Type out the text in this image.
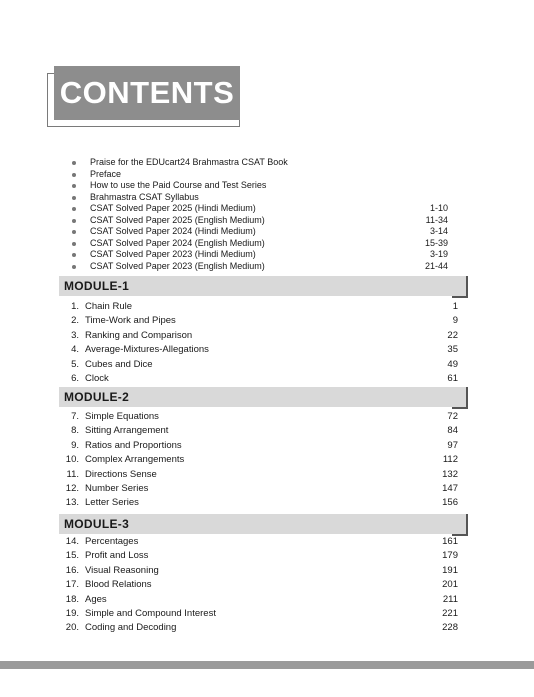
CONTENTS
Praise for the EDUcart24 Brahmastra CSAT Book
Preface
How to use the Paid Course and Test Series
Brahmastra CSAT Syllabus
CSAT Solved Paper 2025 (Hindi Medium)	1-10
CSAT Solved Paper 2025 (English Medium)	11-34
CSAT Solved Paper 2024 (Hindi Medium)	3-14
CSAT Solved Paper 2024 (English Medium)	15-39
CSAT Solved Paper 2023 (Hindi Medium)	3-19
CSAT Solved Paper 2023 (English Medium)	21-44
MODULE-1
1. Chain Rule	1
2. Time-Work and Pipes	9
3. Ranking and Comparison	22
4. Average-Mixtures-Allegations	35
5. Cubes and Dice	49
6. Clock	61
MODULE-2
7. Simple Equations	72
8. Sitting Arrangement	84
9. Ratios and Proportions	97
10. Complex Arrangements	112
11. Directions Sense	132
12. Number Series	147
13. Letter Series	156
MODULE-3
14. Percentages	161
15. Profit and Loss	179
16. Visual Reasoning	191
17. Blood Relations	201
18. Ages	211
19. Simple and Compound Interest	221
20. Coding and Decoding	228
